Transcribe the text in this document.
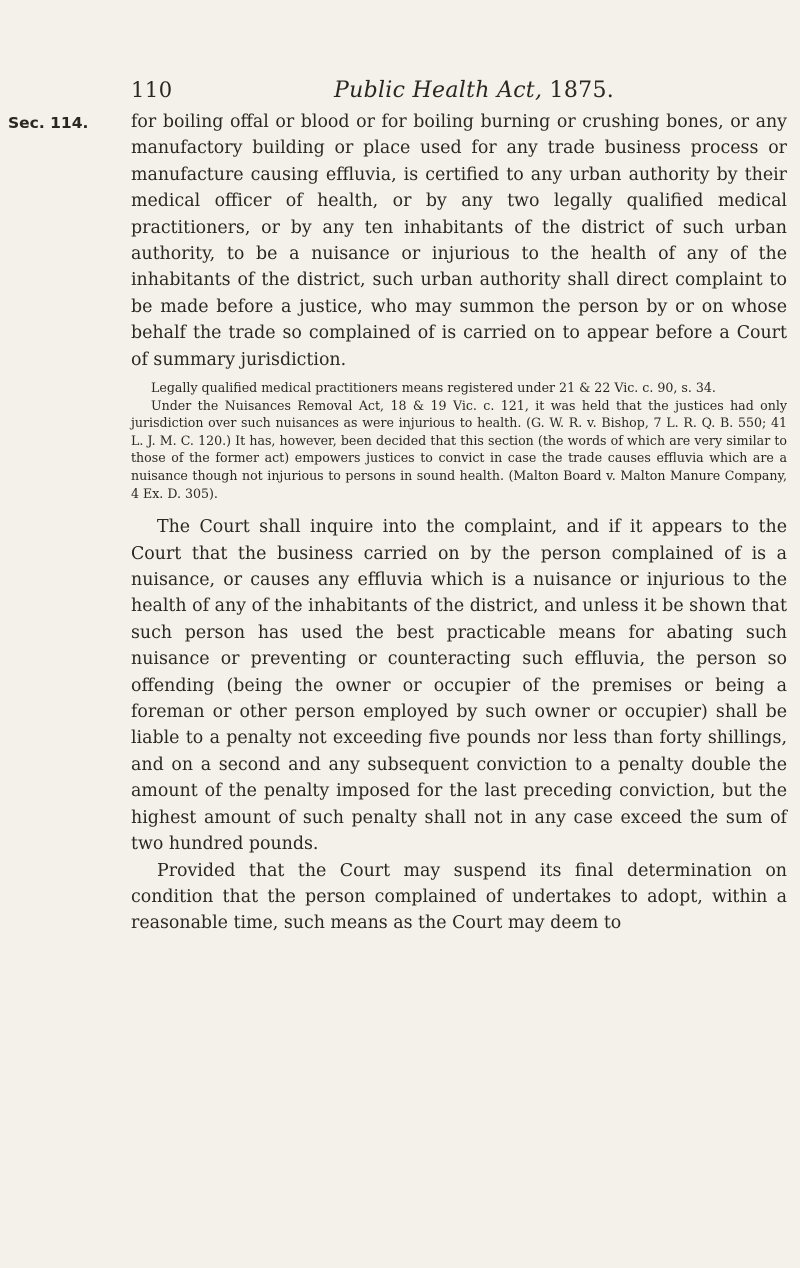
110	Public Health Act, 1875.
Sec. 114. for boiling offal or blood or for boiling burning or crushing bones, or any manufactory building or place used for any trade business process or manufacture causing effluvia, is certified to any urban authority by their medical officer of health, or by any two legally qualified medical practitioners, or by any ten inhabitants of the district of such urban authority, to be a nuisance or injurious to the health of any of the inhabitants of the district, such urban authority shall direct complaint to be made before a justice, who may summon the person by or on whose behalf the trade so complained of is carried on to appear before a Court of summary jurisdiction.

Legally qualified medical practitioners means registered under 21 & 22 Vic. c. 90, s. 34.

Under the Nuisances Removal Act, 18 & 19 Vic. c. 121, it was held that the justices had only jurisdiction over such nuisances as were injurious to health. (G. W. R. v. Bishop, 7 L. R. Q. B. 550; 41 L. J. M. C. 120.) It has, however, been decided that this section (the words of which are very similar to those of the former act) empowers justices to convict in case the trade causes effluvia which are a nuisance though not injurious to persons in sound health. (Malton Board v. Malton Manure Company, 4 Ex. D. 305).

The Court shall inquire into the complaint, and if it appears to the Court that the business carried on by the person complained of is a nuisance, or causes any effluvia which is a nuisance or injurious to the health of any of the inhabitants of the district, and unless it be shown that such person has used the best practicable means for abating such nuisance or preventing or counteracting such effluvia, the person so offending (being the owner or occupier of the premises or being a foreman or other person employed by such owner or occupier) shall be liable to a penalty not exceeding five pounds nor less than forty shillings, and on a second and any subsequent conviction to a penalty double the amount of the penalty imposed for the last preceding conviction, but the highest amount of such penalty shall not in any case exceed the sum of two hundred pounds.

Provided that the Court may suspend its final determination on condition that the person complained of undertakes to adopt, within a reasonable time, such means as the Court may deem to
